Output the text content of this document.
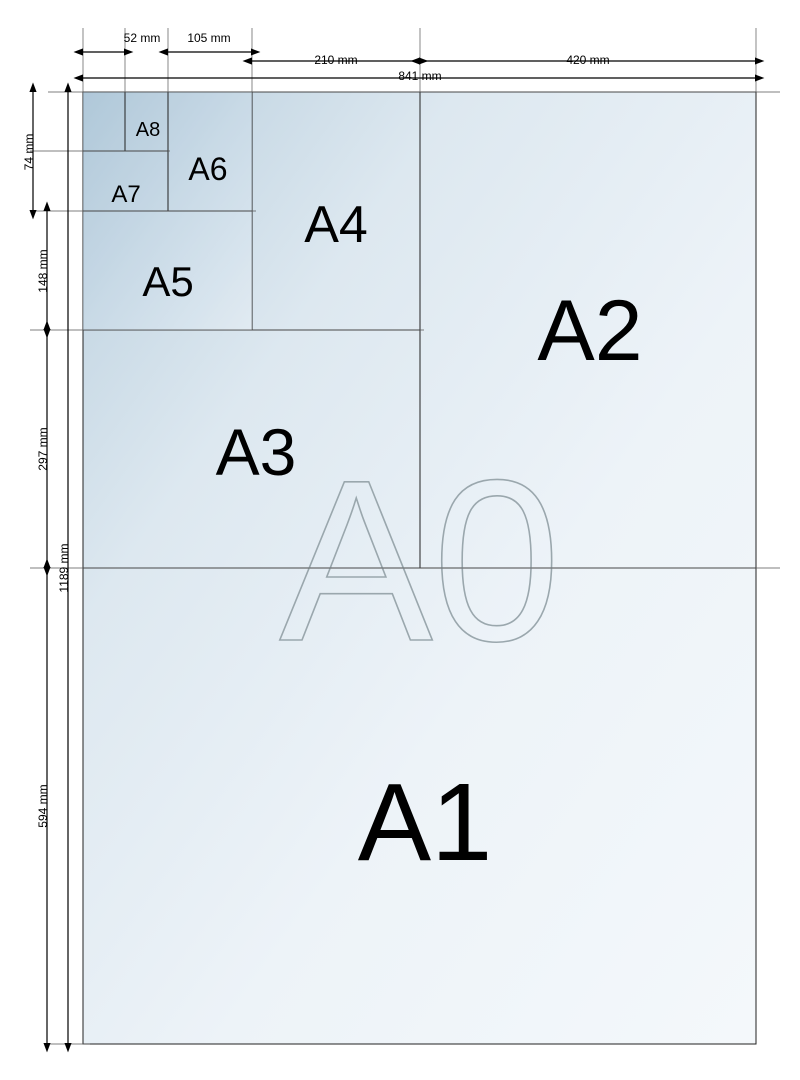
A0
A1
A2
A3
A4
A5
A6
A7
A8
52 mm 105 mm
210 mm	420 mm
841 mm
74 mm
148 mm
297 mm
594 mm
1189 mm
